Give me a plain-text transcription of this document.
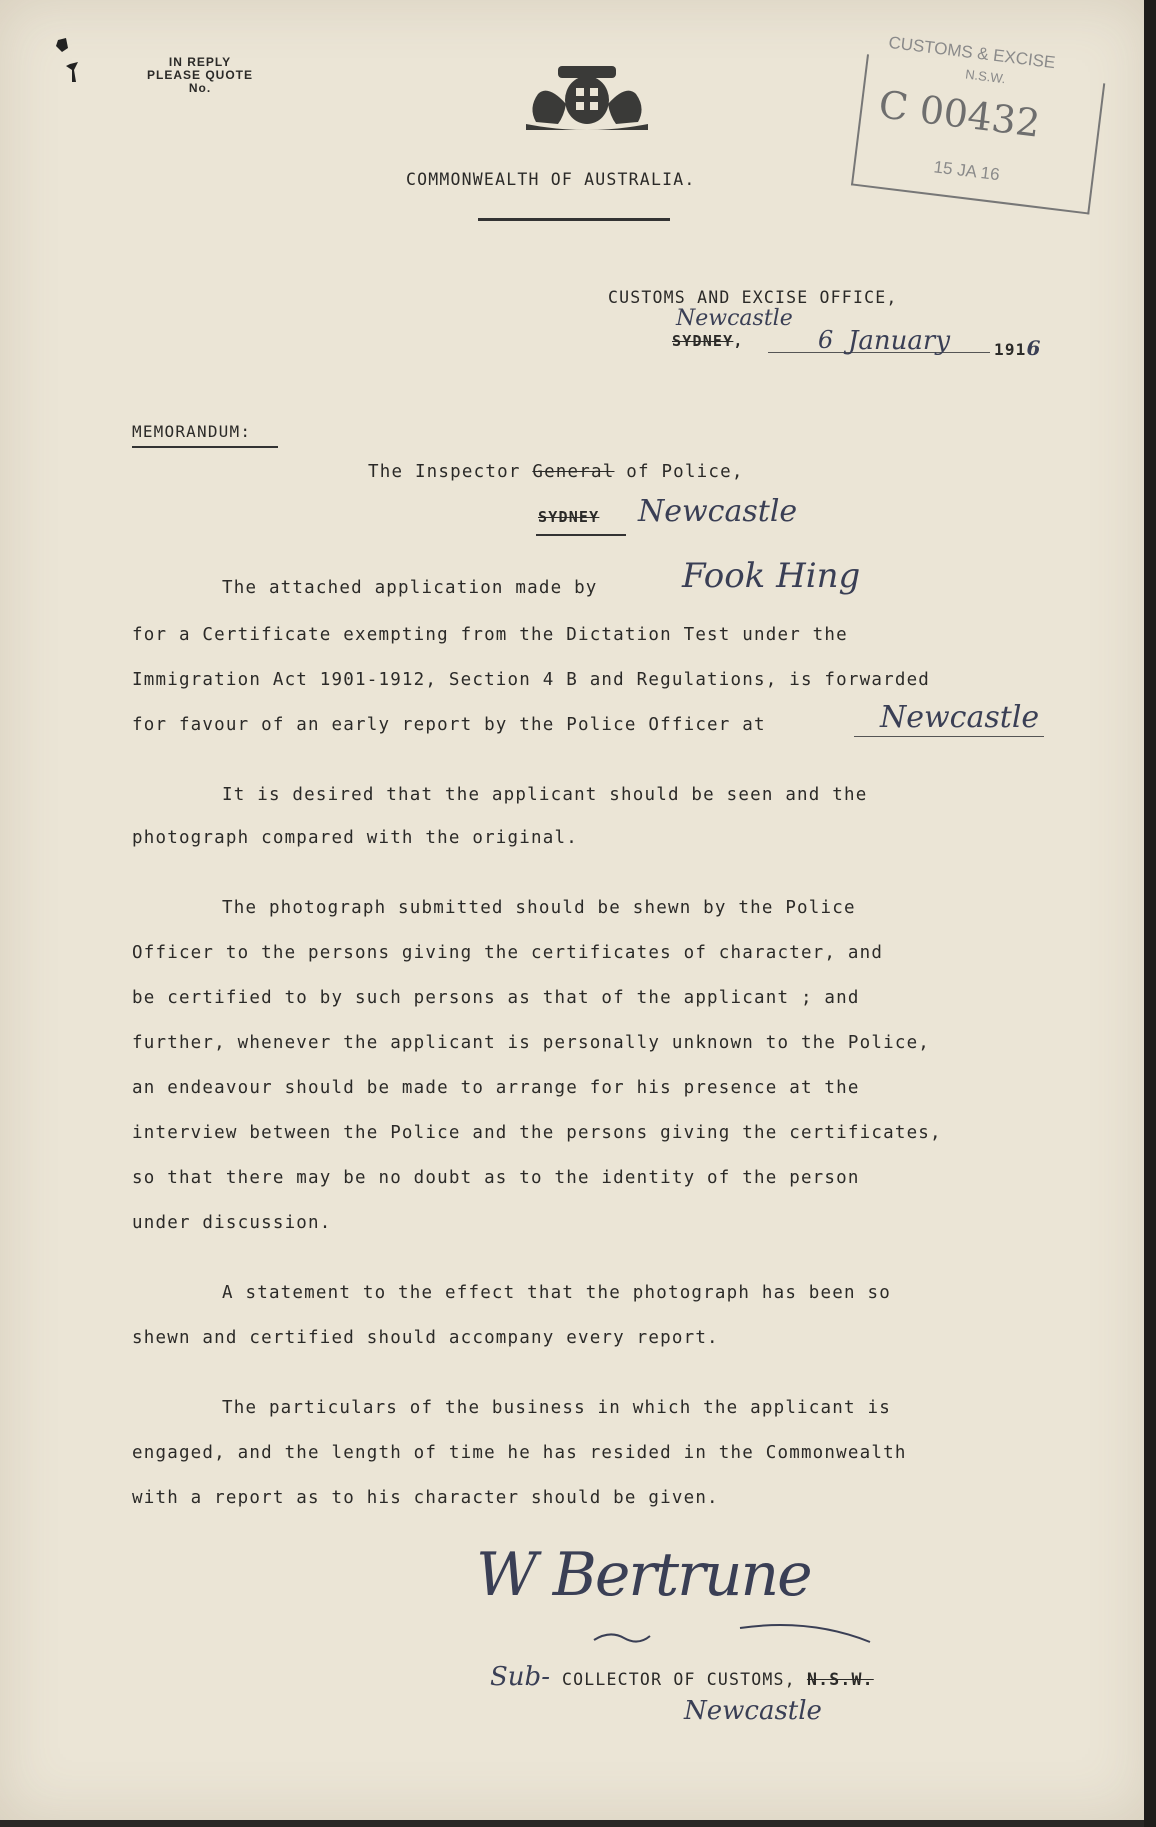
IN REPLY
PLEASE QUOTE
No.
COMMONWEALTH OF AUSTRALIA.
CUSTOMS & EXCISE
N.S.W.
C 00432
15 JA 16
CUSTOMS AND EXCISE OFFICE,
Newcastle
SYDNEY,	6 January	1916
MEMORANDUM:
The Inspector General of Police,
SYDNEY Newcastle
The attached application made by Fook Hing
for a Certificate exempting from the Dictation Test under the
Immigration Act 1901-1912, Section 4 B and Regulations, is forwarded
for favour of an early report by the Police Officer at	Newcastle
It is desired that the applicant should be seen and the
photograph compared with the original.
The photograph submitted should be shewn by the Police
Officer to the persons giving the certificates of character, and
be certified to by such persons as that of the applicant ; and
further, whenever the applicant is personally unknown to the Police,
an endeavour should be made to arrange for his presence at the
interview between the Police and the persons giving the certificates,
so that there may be no doubt as to the identity of the person
under discussion.
A statement to the effect that the photograph has been so
shewn and certified should accompany every report.
The particulars of the business in which the applicant is
engaged, and the length of time he has resided in the Commonwealth
with a report as to his character should be given.
W Bertrune
Sub- COLLECTOR OF CUSTOMS, N.S.W.
Newcastle
